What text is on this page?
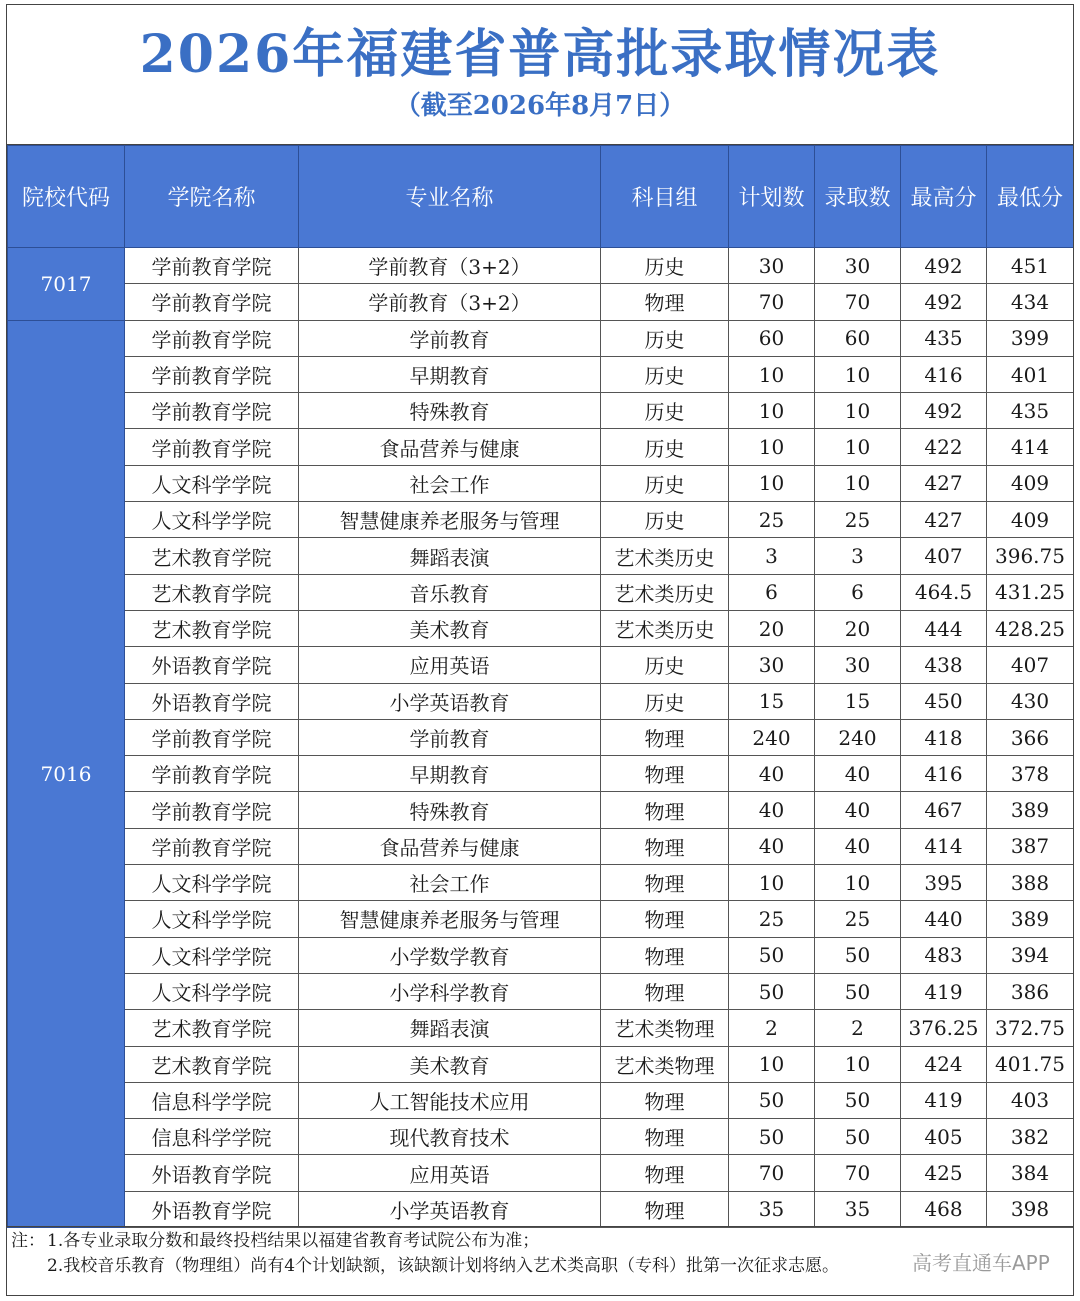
2026年福建省普高批录取情况表
（截至2026年8月7日）
院校代码	学院名称	专业名称	科目组	计划数	录取数	最高分	最低分
7017	学前教育学院	学前教育（3+2）	历史	30	30	492	451
	学前教育学院	学前教育（3+2）	物理	70	70	492	434
7016	学前教育学院	学前教育	历史	60	60	435	399
	学前教育学院	早期教育	历史	10	10	416	401
	学前教育学院	特殊教育	历史	10	10	492	435
	学前教育学院	食品营养与健康	历史	10	10	422	414
	人文科学学院	社会工作	历史	10	10	427	409
	人文科学学院	智慧健康养老服务与管理	历史	25	25	427	409
	艺术教育学院	舞蹈表演	艺术类历史	3	3	407	396.75
	艺术教育学院	音乐教育	艺术类历史	6	6	464.5	431.25
	艺术教育学院	美术教育	艺术类历史	20	20	444	428.25
	外语教育学院	应用英语	历史	30	30	438	407
	外语教育学院	小学英语教育	历史	15	15	450	430
	学前教育学院	学前教育	物理	240	240	418	366
	学前教育学院	早期教育	物理	40	40	416	378
	学前教育学院	特殊教育	物理	40	40	467	389
	学前教育学院	食品营养与健康	物理	40	40	414	387
	人文科学学院	社会工作	物理	10	10	395	388
	人文科学学院	智慧健康养老服务与管理	物理	25	25	440	389
	人文科学学院	小学数学教育	物理	50	50	483	394
	人文科学学院	小学科学教育	物理	50	50	419	386
	艺术教育学院	舞蹈表演	艺术类物理	2	2	376.25	372.75
	艺术教育学院	美术教育	艺术类物理	10	10	424	401.75
	信息科学学院	人工智能技术应用	物理	50	50	419	403
	信息科学学院	现代教育技术	物理	50	50	405	382
	外语教育学院	应用英语	物理	70	70	425	384
	外语教育学院	小学英语教育	物理	35	35	468	398
注： 1.各专业录取分数和最终投档结果以福建省教育考试院公布为准；
2.我校音乐教育（物理组）尚有4个计划缺额，该缺额计划将纳入艺术类高职（专科）批第一次征求志愿。	高考直通车APP
